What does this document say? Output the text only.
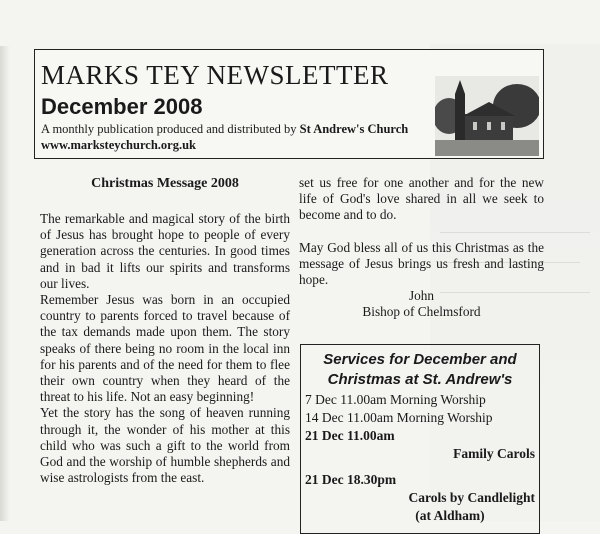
MARKS TEY NEWSLETTER
December 2008
A monthly publication produced and distributed by St Andrew's Church
www.marksteychurch.org.uk
Christmas Message 2008

The remarkable and magical story of the birth of Jesus has brought hope to people of every generation across the centuries. In good times and in bad it lifts our spirits and transforms our lives.

Remember Jesus was born in an occupied country to parents forced to travel because of the tax demands made upon them. The story speaks of there being no room in the local inn for his parents and of the need for them to flee their own country when they heard of the threat to his life. Not an easy beginning!

Yet the story has the song of heaven running through it, the wonder of his mother at this child who was such a gift to the world from God and the worship of humble shepherds and wise astrologists from the east.

set us free for one another and for the new life of God's love shared in all we seek to become and to do.

May God bless all of us this Christmas as the message of Jesus brings us fresh and lasting hope.

John
Bishop of Chelmsford
Services for December and
Christmas at St. Andrew's
7 Dec 11.00am Morning Worship
14 Dec 11.00am Morning Worship
21 Dec 11.00am
Family Carols
21 Dec 18.30pm
Carols by Candlelight
(at Aldham)
